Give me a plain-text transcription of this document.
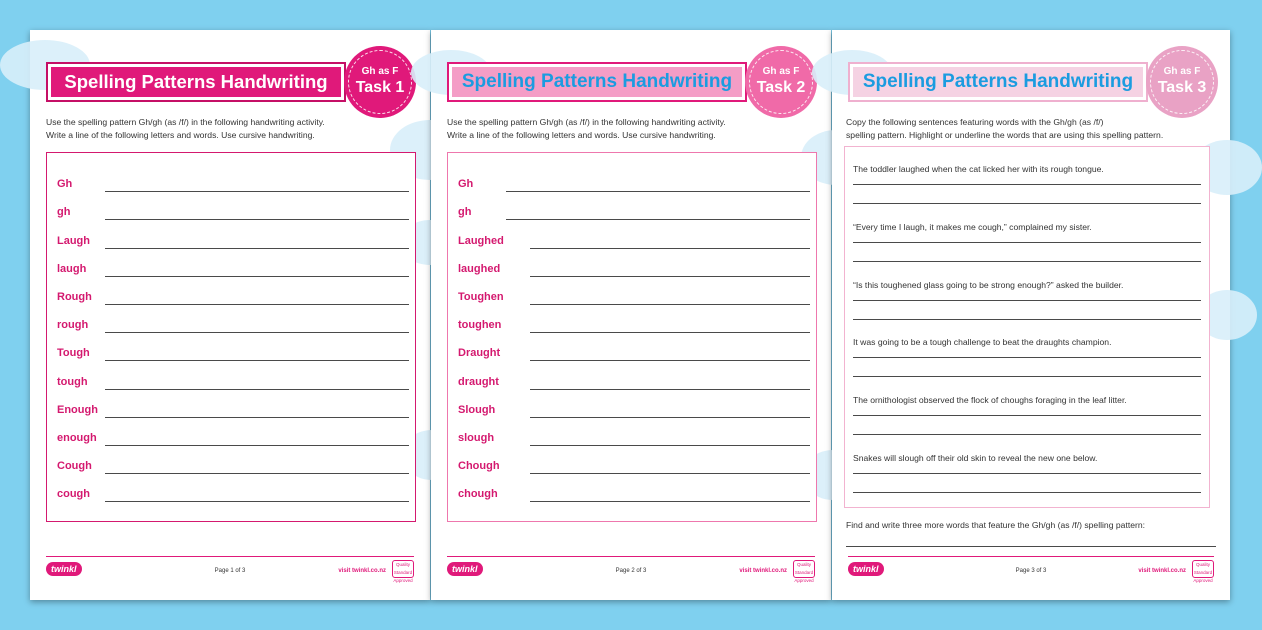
Spelling Patterns Handwriting	Gh as F
Task 1
Use the spelling pattern Gh/gh (as /f/) in the following handwriting activity.
Write a line of the following letters and words. Use cursive handwriting.
Gh
gh
Laugh
laugh
Rough
rough
Tough
tough
Enough
enough
Cough
cough
twinkl	Page 1 of 3	visit twinkl.co.nz
Quality Standard Approved
Spelling Patterns Handwriting	Gh as F
Task 2
Use the spelling pattern Gh/gh (as /f/) in the following handwriting activity.
Write a line of the following letters and words. Use cursive handwriting.
Gh
gh
Laughed
laughed
Toughen
toughen
Draught
draught
Slough
slough
Chough
chough
twinkl	Page 2 of 3	visit twinkl.co.nz
Quality Standard Approved
Spelling Patterns Handwriting	Gh as F
Task 3
Copy the following sentences featuring words with the Gh/gh (as /f/)
spelling pattern. Highlight or underline the words that are using this spelling pattern.
The toddler laughed when the cat licked her with its rough tongue.
“Every time I laugh, it makes me cough,” complained my sister.
“Is this toughened glass going to be strong enough?” asked the builder.
It was going to be a tough challenge to beat the draughts champion.
The ornithologist observed the flock of choughs foraging in the leaf litter.
Snakes will slough off their old skin to reveal the new one below.
Find and write three more words that feature the Gh/gh (as /f/) spelling pattern:
twinkl	Page 3 of 3	visit twinkl.co.nz
Quality Standard Approved
